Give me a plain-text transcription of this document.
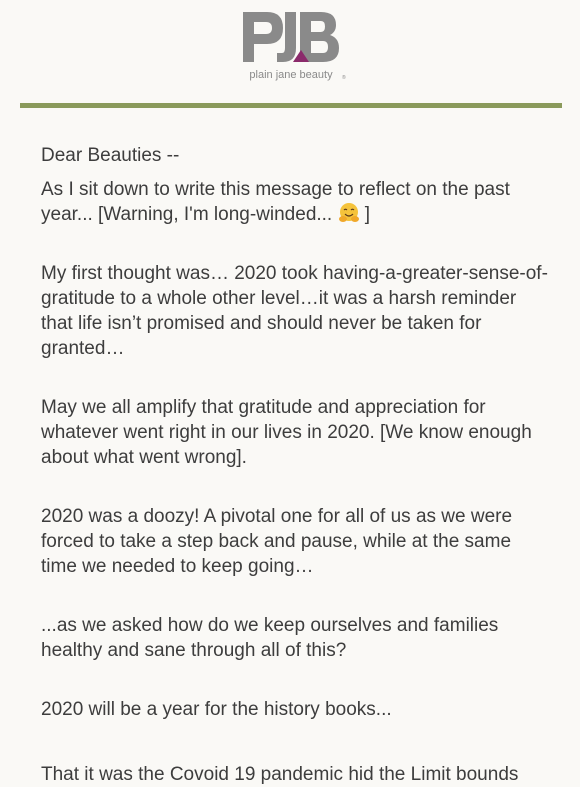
plain jane beauty ®

Dear Beauties --

As I sit down to write this message to reflect on the past year... [Warning, I'm long-winded...  ]

My first thought was… 2020 took having-a-greater-sense-of-gratitude to a whole other level…it was a harsh reminder that life isn’t promised and should never be taken for granted…

May we all amplify that gratitude and appreciation for whatever went right in our lives in 2020. [We know enough about what went wrong].

2020 was a doozy! A pivotal one for all of us as we were forced to take a step back and pause, while at the same time we needed to keep going…

...as we asked how do we keep ourselves and families healthy and sane through all of this?

2020 will be a year for the history books...

That it was the Covoid 19 pandemic hid the Limit bounds
